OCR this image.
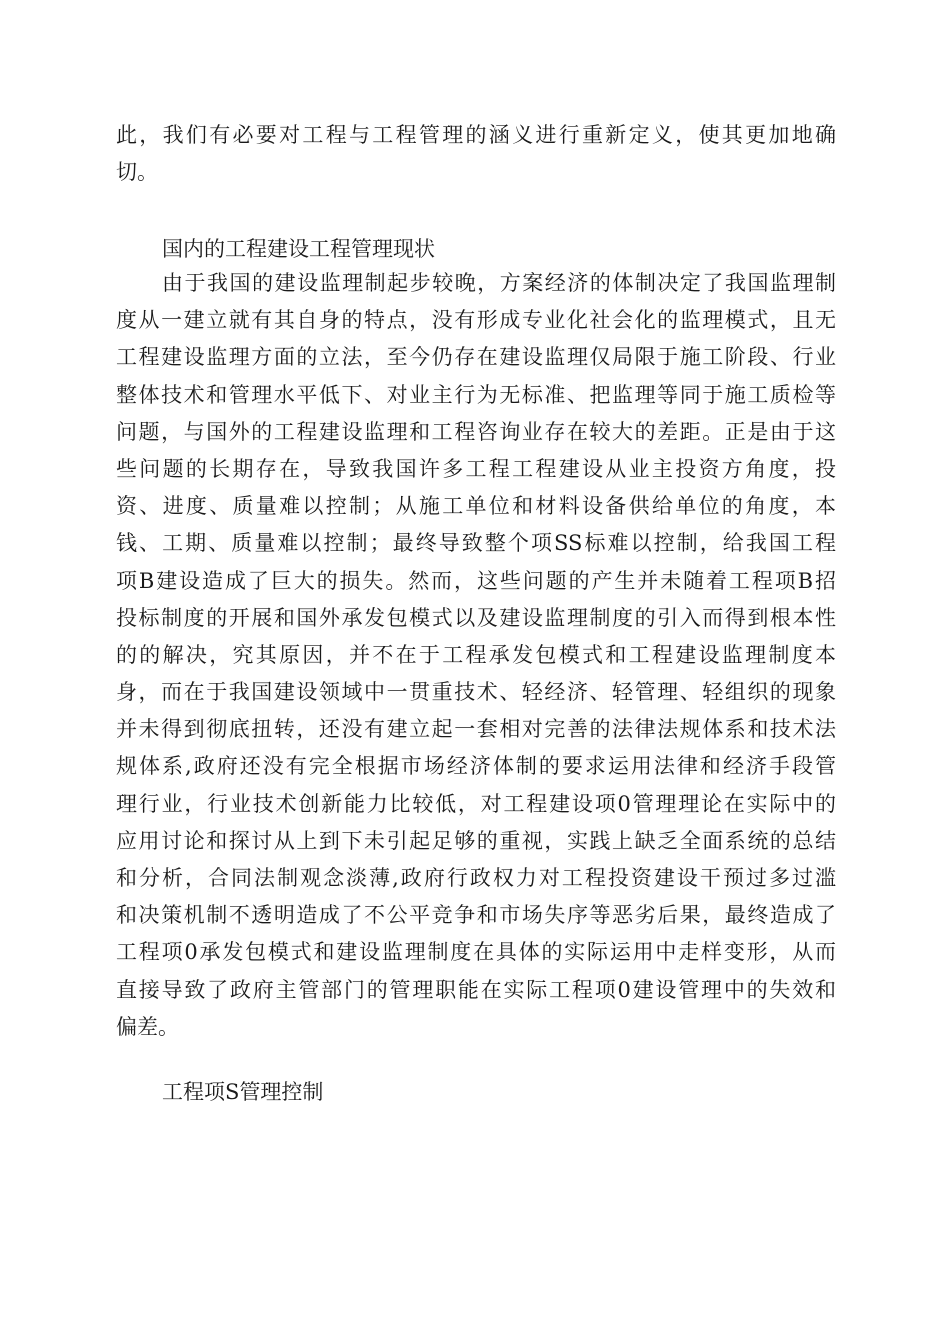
此，我们有必要对工程与工程管理的涵义进行重新定义，使其更加地确
切。

国内的工程建设工程管理现状

由于我国的建设监理制起步较晚，方案经济的体制决定了我国监理制
度从一建立就有其自身的特点，没有形成专业化社会化的监理模式，且无
工程建设监理方面的立法，至今仍存在建设监理仅局限于施工阶段、行业
整体技术和管理水平低下、对业主行为无标准、把监理等同于施工质检等
问题，与国外的工程建设监理和工程咨询业存在较大的差距。正是由于这
些问题的长期存在，导致我国许多工程工程建设从业主投资方角度，投
资、进度、质量难以控制；从施工单位和材料设备供给单位的角度，本
钱、工期、质量难以控制；最终导致整个项SS标难以控制，给我国工程
项B建设造成了巨大的损失。然而，这些问题的产生并未随着工程项B招
投标制度的开展和国外承发包模式以及建设监理制度的引入而得到根本性
的的解决，究其原因，并不在于工程承发包模式和工程建设监理制度本
身，而在于我国建设领域中一贯重技术、轻经济、轻管理、轻组织的现象
并未得到彻底扭转，还没有建立起一套相对完善的法律法规体系和技术法
规体系,政府还没有完全根据市场经济体制的要求运用法律和经济手段管
理行业，行业技术创新能力比较低，对工程建设项0管理理论在实际中的
应用讨论和探讨从上到下未引起足够的重视，实践上缺乏全面系统的总结
和分析，合同法制观念淡薄,政府行政权力对工程投资建设干预过多过滥
和决策机制不透明造成了不公平竞争和市场失序等恶劣后果，最终造成了
工程项0承发包模式和建设监理制度在具体的实际运用中走样变形，从而
直接导致了政府主管部门的管理职能在实际工程项0建设管理中的失效和
偏差。

工程项S管理控制
